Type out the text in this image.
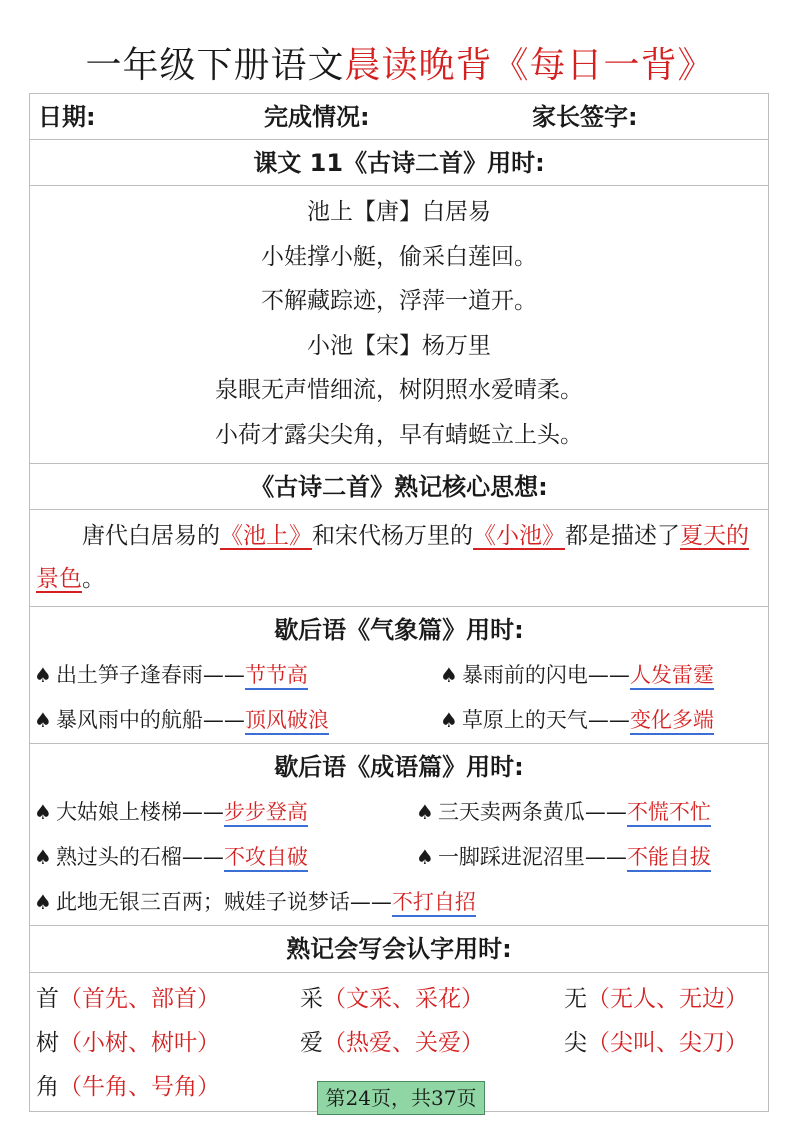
一年级下册语文晨读晚背《每日一背》
日期:	完成情况:	家长签字:
课文 11《古诗二首》用时:
池上【唐】白居易
小娃撑小艇，偷采白莲回。
不解藏踪迹，浮萍一道开。
小池【宋】杨万里
泉眼无声惜细流，树阴照水爱晴柔。
小荷才露尖尖角，早有蜻蜓立上头。
《古诗二首》熟记核心思想:
唐代白居易的《池上》和宋代杨万里的《小池》都是描述了夏天的景色。
歇后语《气象篇》用时:
♠ 出土笋子逢春雨——节节高	♠ 暴雨前的闪电——人发雷霆
♠ 暴风雨中的航船——顶风破浪	♠ 草原上的天气——变化多端
歇后语《成语篇》用时:
♠ 大姑娘上楼梯——步步登高	♠ 三天卖两条黄瓜——不慌不忙
♠ 熟过头的石榴——不攻自破	♠ 一脚踩进泥沼里——不能自拔
♠ 此地无银三百两；贼娃子说梦话——不打自招
熟记会写会认字用时:
首（首先、部首）	采（文采、采花）	无（无人、无边）
树（小树、树叶）	爱（热爱、关爱）	尖（尖叫、尖刀）
角（牛角、号角）	第24页，共37页
